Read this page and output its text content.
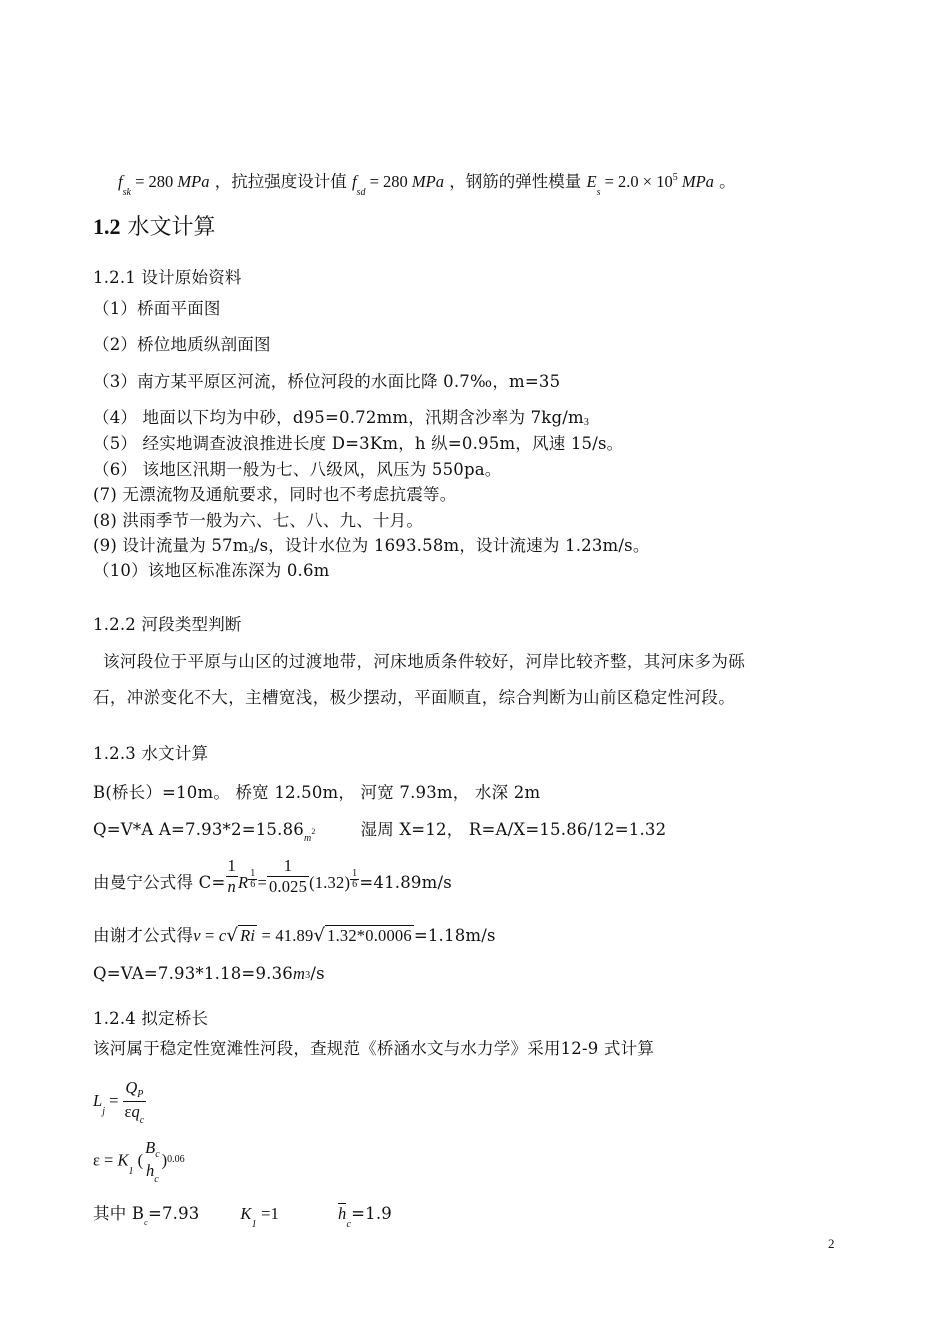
$f_{sk} = 280$ MPa ，抗拉强度设计值 $f_{sd} = 280$ MPa ，钢筋的弹性模量 $E_s = 2.0 \times 10^5$ MPa 。
1.2 水文计算
1.2.1 设计原始资料
（1）桥面平面图
（2）桥位地质纵剖面图
（3）南方某平原区河流，桥位河段的水面比降 0.7‰，m=35
（4） 地面以下均为中砂，d95=0.72mm，汛期含沙率为 7kg/m3
（5） 经实地调查波浪推进长度 D=3Km，h 纵=0.95m，风速 15/s。
（6） 该地区汛期一般为七、八级风，风压为 550pa。
(7) 无漂流物及通航要求，同时也不考虑抗震等。
(8) 洪雨季节一般为六、七、八、九、十月。
(9) 设计流量为 57m3/s，设计水位为 1693.58m，设计流速为 1.23m/s。
（10）该地区标准冻深为 0.6m
1.2.2 河段类型判断
该河段位于平原与山区的过渡地带，河床地质条件较好，河岸比较齐整，其河床多为砾
石，冲淤变化不大，主槽宽浅，极少摆动，平面顺直，综合判断为山前区稳定性河段。
1.2.3 水文计算
B(桥长）=10m。 桥宽 12.50m， 河宽 7.93m， 水深 2m
Q=V*A $A=7.93*2=15.86_m2$	湿周 X=12， R=A/X=15.86/12=1.32
由曼宁公式得 $C= \frac{1}{n}$ R $\frac{1}{6} = \frac{1}{0.025} (1.32) \frac{1}{6} =41.89m/s$
由谢才公式得v = c√ Ri = 41.89√ 1.32*0.0006 =1.18m/s
Q=VA=7.93*1.18=9.36m3/s
1.2.4 拟定桥长
该河属于稳定性宽滩性河段，查规范《桥涵水文与水力学》采用12-9 式计算
$L_j = \frac{Q_P}{\varepsilon q_c}$
$\varepsilon = K_1$ (
$B_c$
$h_c$
)$^{0.06}$
其中 $B_c=7.93$ $K_1 =1$	$h_c=1.9$
2
